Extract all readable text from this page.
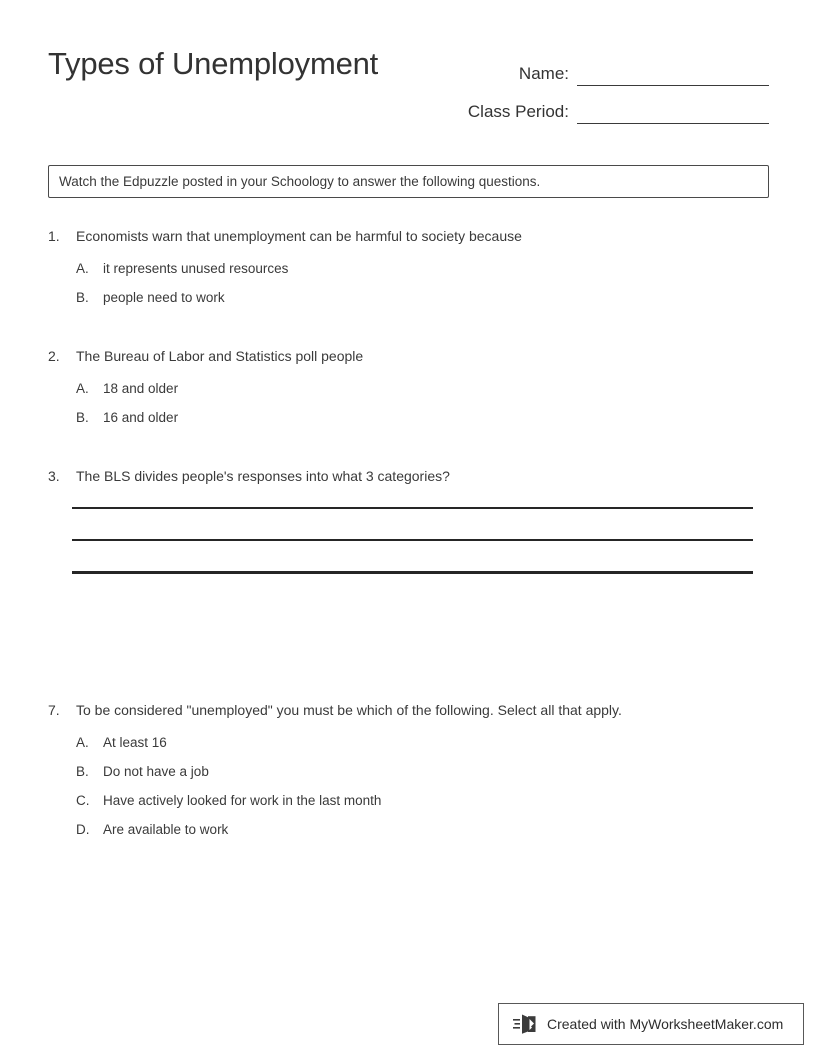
Types of Unemployment	Name:
Class Period:
Watch the Edpuzzle posted in your Schoology to answer the following questions.
1.	Economists warn that unemployment can be harmful to society because
A.	it represents unused resources
B.	people need to work
2.	The Bureau of Labor and Statistics poll people
A.	18 and older
B.	16 and older
3.	The BLS divides people's responses into what 3 categories?
7.	To be considered "unemployed" you must be which of the following. Select all that apply.
A.	At least 16
B.	Do not have a job
C.	Have actively looked for work in the last month
D.	Are available to work
Created with MyWorksheetMaker.com
